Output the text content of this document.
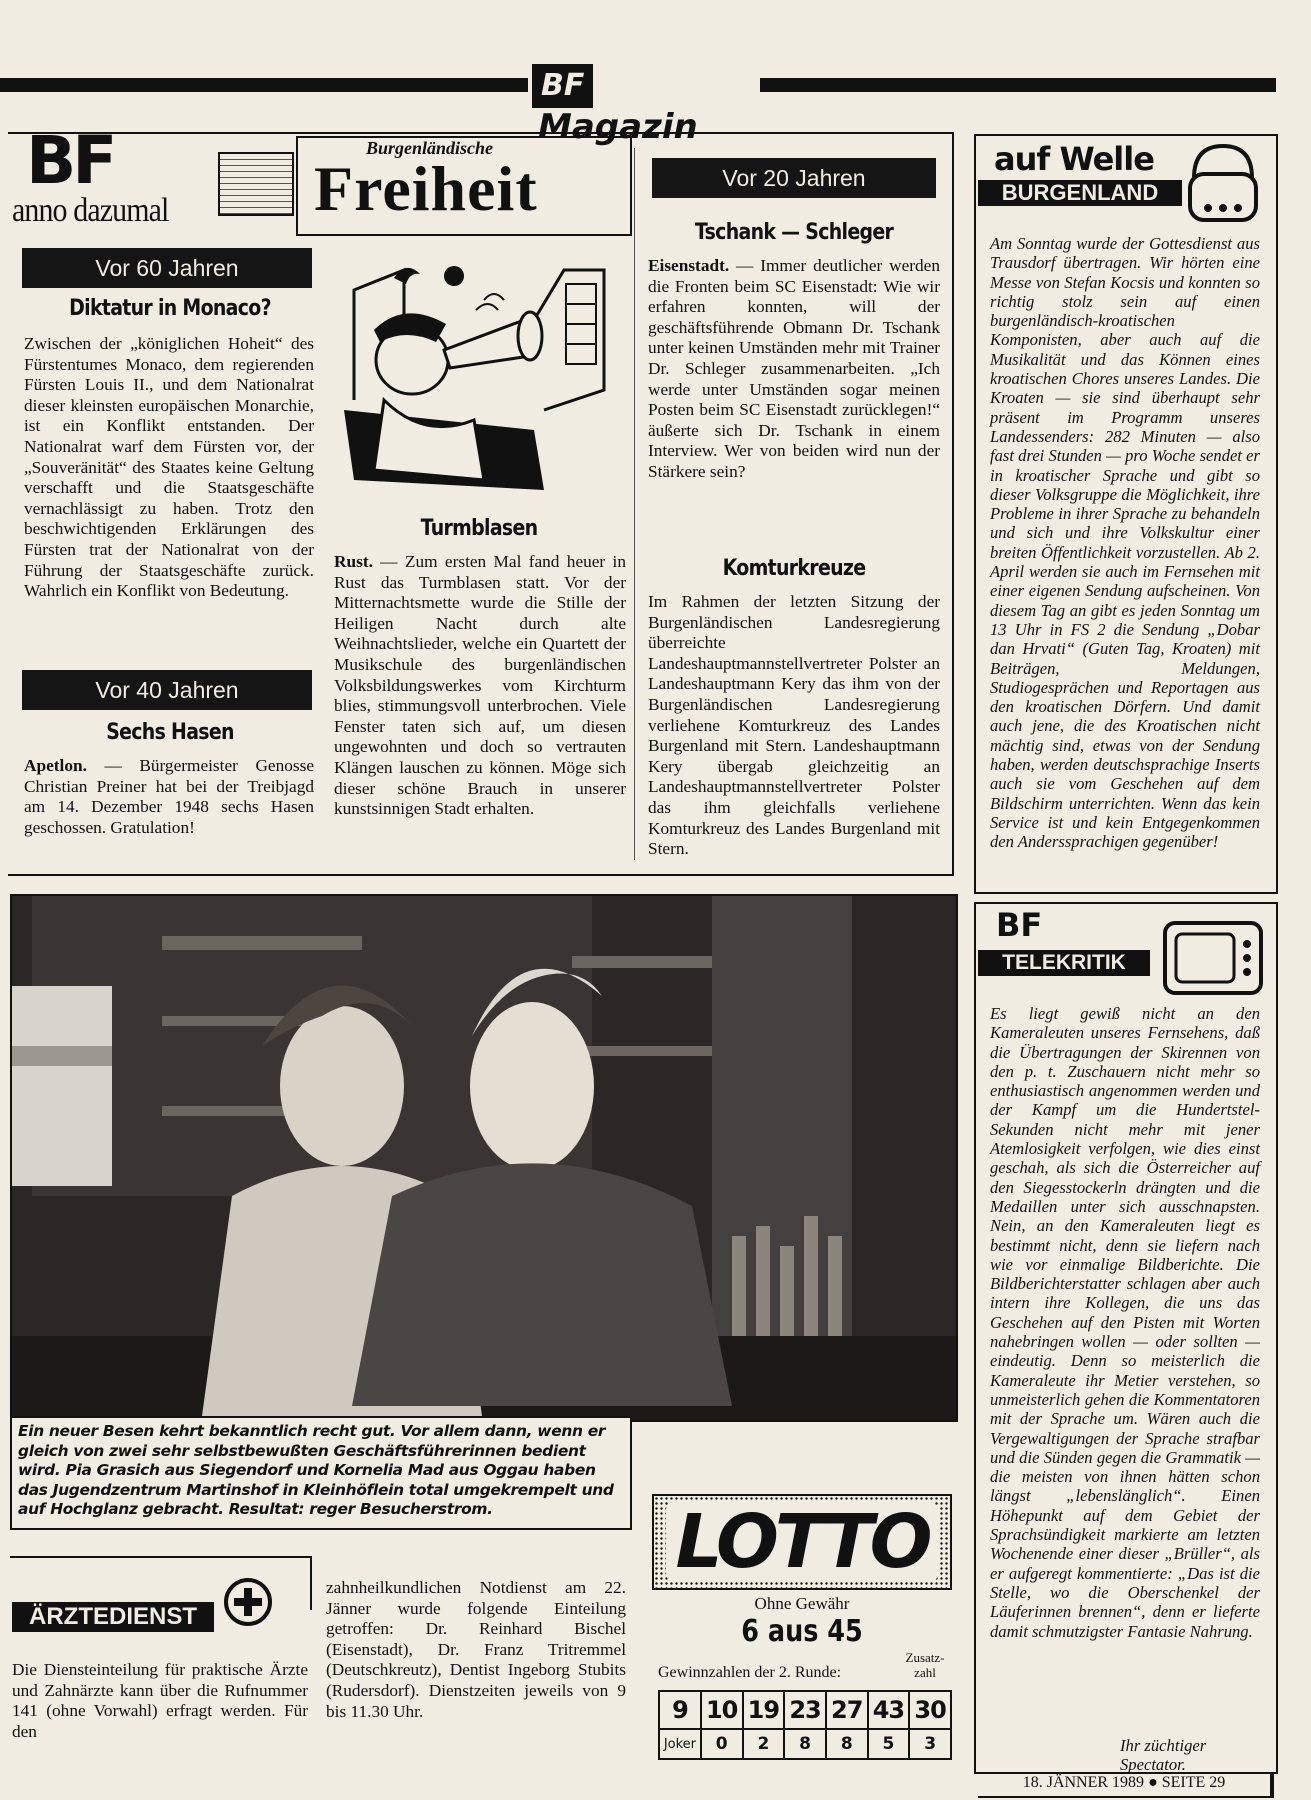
BFMagazin
BF
anno dazumal
Burgenländische
Freiheit
Vor 60 Jahren
Diktatur in Monaco?
Zwischen der „königlichen Hoheit“ des Fürstentumes Monaco, dem regierenden Fürsten Louis II., und dem Nationalrat dieser kleinsten europäischen Monarchie, ist ein Konflikt entstanden. Der Nationalrat warf dem Fürsten vor, der „Souveränität“ des Staates keine Geltung verschafft und die Staatsgeschäfte vernachlässigt zu haben. Trotz den beschwichtigenden Erklärungen des Fürsten trat der Nationalrat von der Führung der Staatsgeschäfte zurück. Wahrlich ein Konflikt von Bedeutung.
Vor 40 Jahren
Sechs Hasen
Apetlon. — Bürgermeister Genosse Christian Preiner hat bei der Treibjagd am 14. Dezember 1948 sechs Hasen geschossen. Gratulation!
Turmblasen
Rust. — Zum ersten Mal fand heuer in Rust das Turmblasen statt. Vor der Mitternachtsmette wurde die Stille der Heiligen Nacht durch alte Weihnachtslieder, welche ein Quartett der Musikschule des burgenländischen Volksbildungswerkes vom Kirchturm blies, stimmungsvoll unterbrochen. Viele Fenster taten sich auf, um diesen ungewohnten und doch so vertrauten Klängen lauschen zu können. Möge sich dieser schöne Brauch in unserer kunstsinnigen Stadt erhalten.
Vor 20 Jahren
Tschank — Schleger
Eisenstadt. — Immer deutlicher werden die Fronten beim SC Eisenstadt: Wie wir erfahren konnten, will der geschäftsführende Obmann Dr. Tschank unter keinen Umständen mehr mit Trainer Dr. Schleger zusammenarbeiten. „Ich werde unter Umständen sogar meinen Posten beim SC Eisenstadt zurücklegen!“ äußerte sich Dr. Tschank in einem Interview. Wer von beiden wird nun der Stärkere sein?
Komturkreuze
Im Rahmen der letzten Sitzung der Burgenländischen Landesregierung überreichte Landeshauptmannstellvertreter Polster an Landeshauptmann Kery das ihm von der Burgenländischen Landesregierung verliehene Komturkreuz des Landes Burgenland mit Stern. Landeshauptmann Kery übergab gleichzeitig an Landeshauptmannstellvertreter Polster das ihm gleichfalls verliehene Komturkreuz des Landes Burgenland mit Stern.
auf Welle
BURGENLAND
Am Sonntag wurde der Gottesdienst aus Trausdorf übertragen. Wir hörten eine Messe von Stefan Kocsis und konnten so richtig stolz sein auf einen burgenländisch-kroatischen Komponisten, aber auch auf die Musikalität und das Können eines kroatischen Chores unseres Landes. Die Kroaten — sie sind überhaupt sehr präsent im Programm unseres Landessenders: 282 Minuten — also fast drei Stunden — pro Woche sendet er in kroatischer Sprache und gibt so dieser Volksgruppe die Möglichkeit, ihre Probleme in ihrer Sprache zu behandeln und sich und ihre Volkskultur einer breiten Öffentlichkeit vorzustellen. Ab 2. April werden sie auch im Fernsehen mit einer eigenen Sendung aufscheinen. Von diesem Tag an gibt es jeden Sonntag um 13 Uhr in FS 2 die Sendung „Dobar dan Hrvati“ (Guten Tag, Kroaten) mit Beiträgen, Meldungen, Studiogesprächen und Reportagen aus den kroatischen Dörfern. Und damit auch jene, die des Kroatischen nicht mächtig sind, etwas von der Sendung haben, werden deutschsprachige Inserts auch sie vom Geschehen auf dem Bildschirm unterrichten. Wenn das kein Service ist und kein Entgegenkommen den Anderssprachigen gegenüber!
BF
TELEKRITIK
Es liegt gewiß nicht an den Kameraleuten unseres Fernsehens, daß die Übertragungen der Skirennen von den p. t. Zuschauern nicht mehr so enthusiastisch angenommen werden und der Kampf um die Hundertstel-Sekunden nicht mehr mit jener Atemlosigkeit verfolgen, wie dies einst geschah, als sich die Österreicher auf den Siegesstockerln drängten und die Medaillen unter sich ausschnapsten. Nein, an den Kameraleuten liegt es bestimmt nicht, denn sie liefern nach wie vor einmalige Bildberichte. Die Bildberichterstatter schlagen aber auch intern ihre Kollegen, die uns das Geschehen auf den Pisten mit Worten nahebringen wollen — oder sollten — eindeutig. Denn so meisterlich die Kameraleute ihr Metier verstehen, so unmeisterlich gehen die Kommentatoren mit der Sprache um. Wären auch die Vergewaltigungen der Sprache strafbar und die Sünden gegen die Grammatik — die meisten von ihnen hätten schon längst „lebenslänglich“. Einen Höhepunkt auf dem Gebiet der Sprachsündigkeit markierte am letzten Wochenende einer dieser „Brüller“, als er aufgeregt kommentierte: „Das ist die Stelle, wo die Oberschenkel der Läuferinnen brennen“, denn er lieferte damit schmutzigster Fantasie Nahrung.
Ihr züchtiger Spectator.
Ein neuer Besen kehrt bekanntlich recht gut. Vor allem dann, wenn er gleich von zwei sehr selbstbewußten Geschäftsführerinnen bedient wird. Pia Grasich aus Siegendorf und Kornelia Mad aus Oggau haben das Jugendzentrum Martinshof in Kleinhöflein total umgekrempelt und auf Hochglanz gebracht. Resultat: reger Besucherstrom.
ÄRZTEDIENST
Die Diensteinteilung für praktische Ärzte und Zahnärzte kann über die Rufnummer 141 (ohne Vorwahl) erfragt werden. Für den
zahnheilkundlichen Notdienst am 22. Jänner wurde folgende Einteilung getroffen: Dr. Reinhard Bischel (Eisenstadt), Dr. Franz Tritremmel (Deutschkreutz), Dentist Ingeborg Stubits (Rudersdorf). Dienstzeiten jeweils von 9 bis 11.30 Uhr.
LOTTO
Ohne Gewähr
6 aus 45
Gewinnzahlen der 2. Runde:
Zusatz-zahl
9	10	19	23	27	43	30
Joker	0	2	8	8	5	3
18. JÄNNER 1989 ● SEITE 29
